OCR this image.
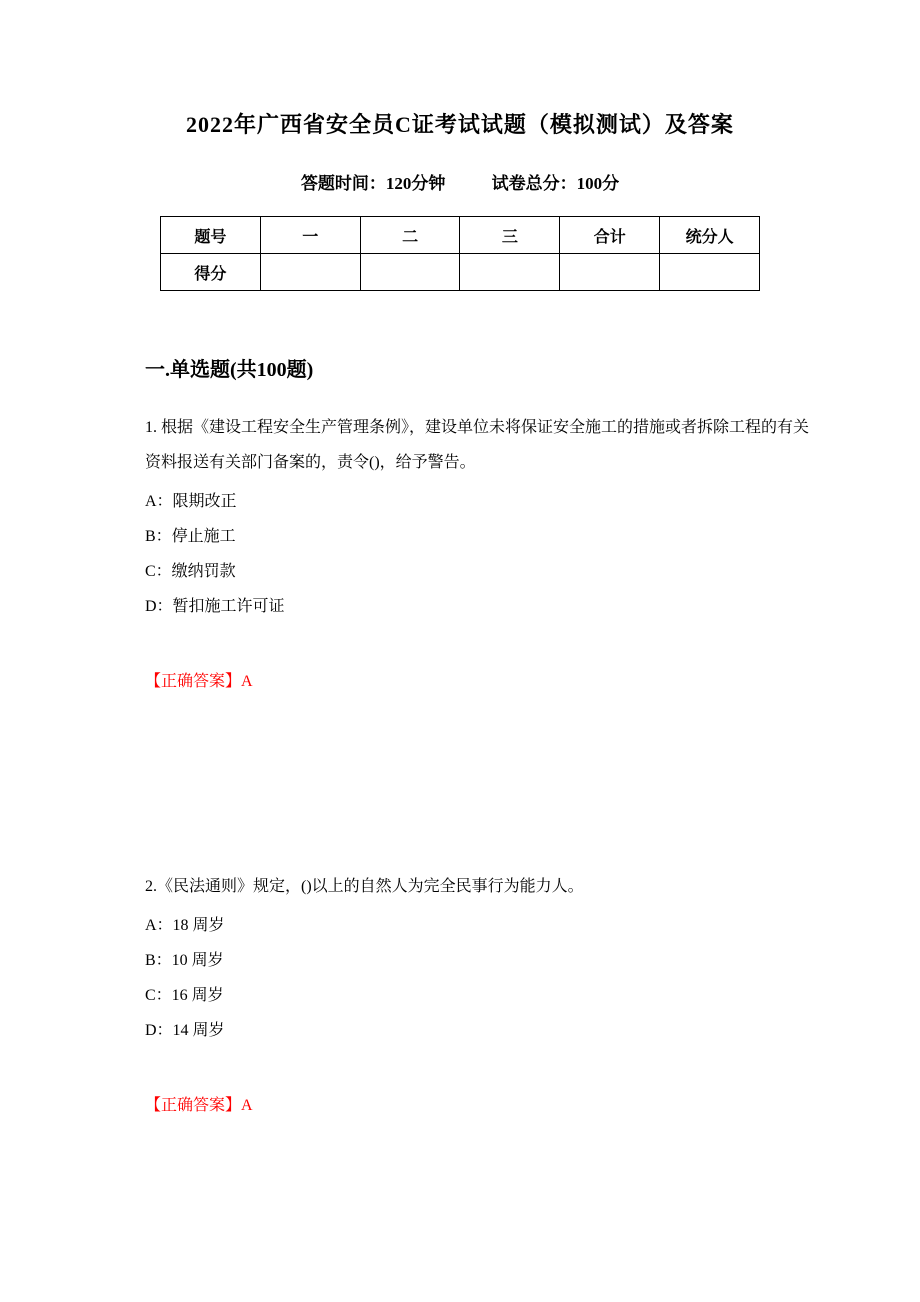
2022年广西省安全员C证考试试题（模拟测试）及答案
答题时间：120分钟	试卷总分：100分
题号	一	二	三	合计	统分人
得分					
一.单选题(共100题)

1. 根据《建设工程安全生产管理条例》，建设单位未将保证安全施工的措施或者拆除工程的有关资料报送有关部门备案的，责令()，给予警告。

A：限期改正

B：停止施工

C：缴纳罚款

D：暂扣施工许可证

【正确答案】A

2.《民法通则》规定，()以上的自然人为完全民事行为能力人。

A：18 周岁

B：10 周岁

C：16 周岁

D：14 周岁

【正确答案】A
